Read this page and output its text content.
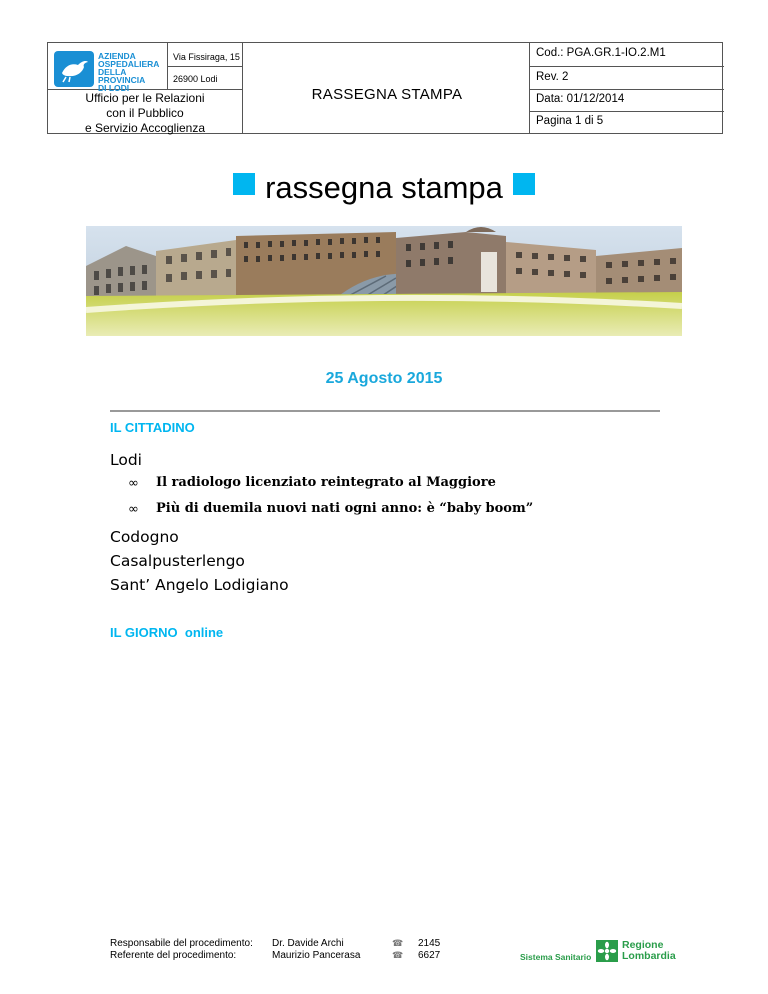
AZIENDA
OSPEDALIERA
DELLA
PROVINCIA
DI LODI
Via Fissiraga, 15
26900 Lodi
Ufficio per le Relazioni
con il Pubblico
e Servizio Accoglienza
RASSEGNA STAMPA
Cod.: PGA.GR.1-IO.2.M1
Rev. 2
Data: 01/12/2014
Pagina 1 di 5
rassegna stampa
25 Agosto 2015
IL CITTADINO
Lodi
∞ Il radiologo licenziato reintegrato al Maggiore
∞ Più di duemila nuovi nati ogni anno: è “baby boom”
Codogno
Casalpusterlengo
Sant’ Angelo Lodigiano
IL GIORNO  online
Responsabile del procedimento:
Referente del procedimento:
Dr. Davide Archi
Maurizio Pancerasa
☎
☎
2145
6627	Sistema Sanitario
Regione
Lombardia
